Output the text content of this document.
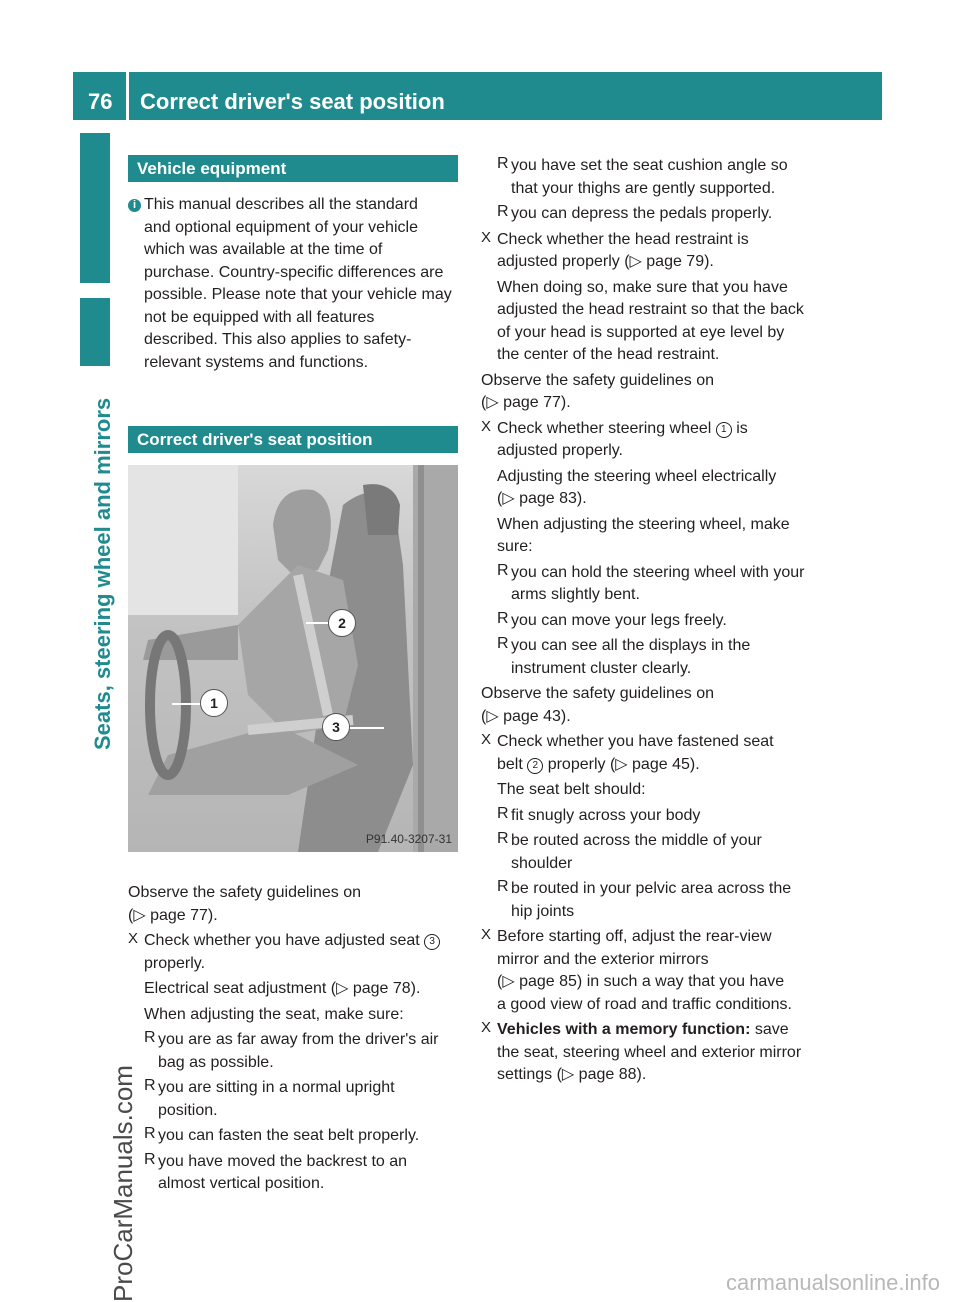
76 Correct driver's seat position
Seats, steering wheel and mirrors
ProCarManuals.com	carmanualsonline.info
Vehicle equipment
i This manual describes all the standard

and optional equipment of your vehicle

which was available at the time of

purchase. Country-specific differences are

possible. Please note that your vehicle may

not be equipped with all features

described. This also applies to safety-

relevant systems and functions.

Correct driver's seat position
1
2
3
P91.40-3207-31

Observe the safety guidelines on

(▷ page 77).

X Check whether you have adjusted seat 3

properly.

Electrical seat adjustment (▷ page 78).

When adjusting the seat, make sure:

R you are as far away from the driver's air

bag as possible.

R you are sitting in a normal upright

position.

R you can fasten the seat belt properly.

R you have moved the backrest to an

almost vertical position.

R you have set the seat cushion angle so

that your thighs are gently supported.

R you can depress the pedals properly.

X Check whether the head restraint is

adjusted properly (▷ page 79).

When doing so, make sure that you have

adjusted the head restraint so that the back

of your head is supported at eye level by

the center of the head restraint.

Observe the safety guidelines on

(▷ page 77).

X Check whether steering wheel 1 is

adjusted properly.

Adjusting the steering wheel electrically

(▷ page 83).

When adjusting the steering wheel, make

sure:

R you can hold the steering wheel with your

arms slightly bent.

R you can move your legs freely.

R you can see all the displays in the

instrument cluster clearly.

Observe the safety guidelines on

(▷ page 43).

X Check whether you have fastened seat

belt 2 properly (▷ page 45).

The seat belt should:

R fit snugly across your body

R be routed across the middle of your

shoulder

R be routed in your pelvic area across the

hip joints

X Before starting off, adjust the rear-view

mirror and the exterior mirrors

(▷ page 85) in such a way that you have

a good view of road and traffic conditions.

X Vehicles with a memory function: save

the seat, steering wheel and exterior mirror

settings (▷ page 88).
